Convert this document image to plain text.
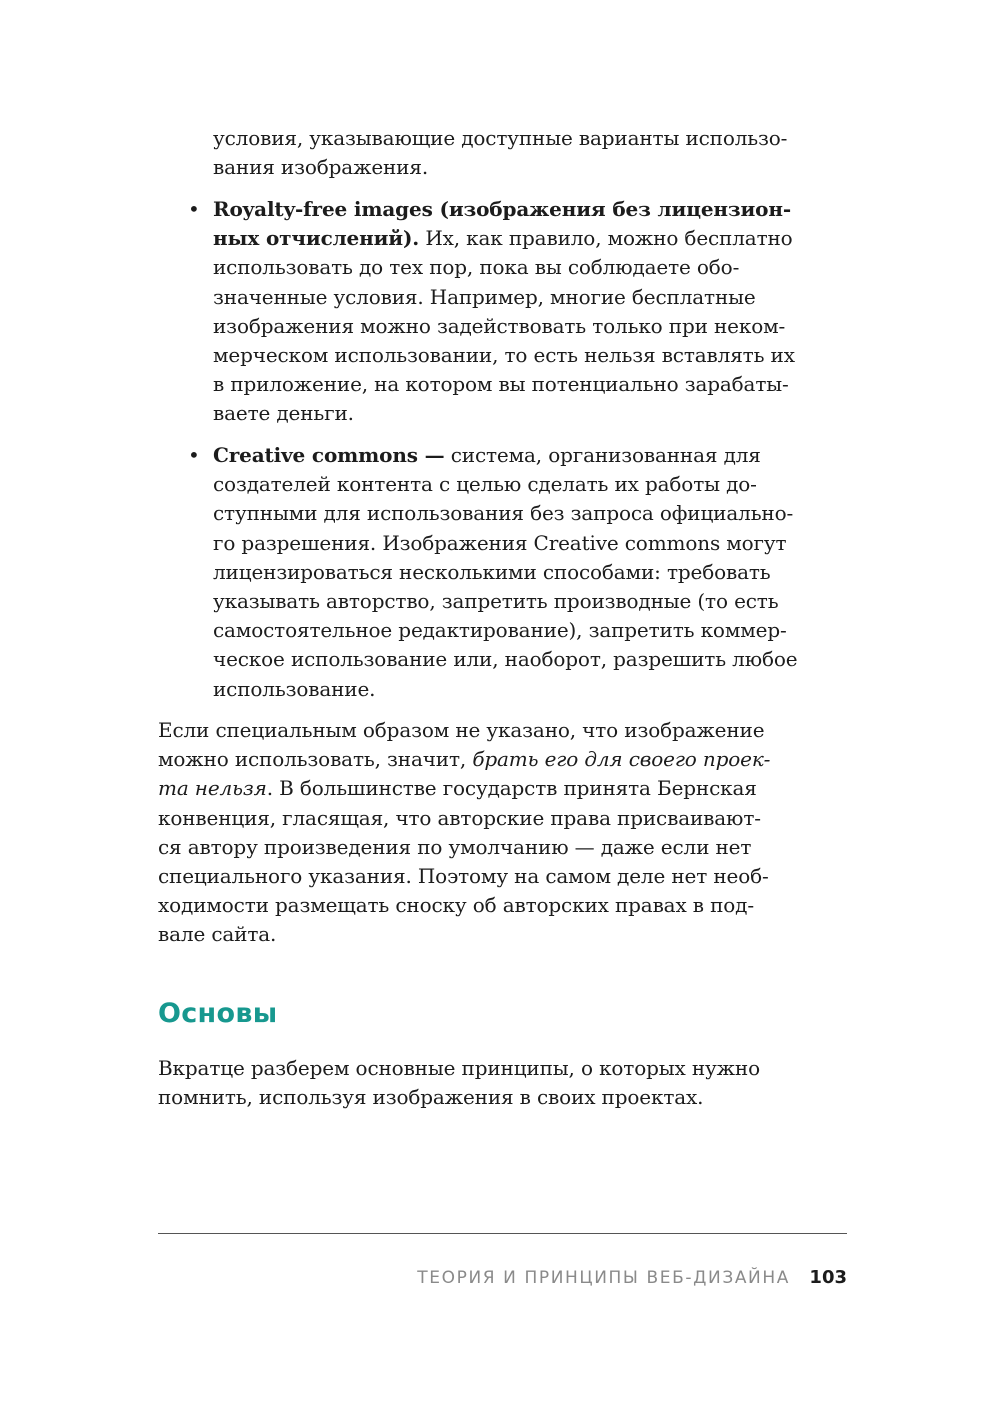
условия, указывающие доступные варианты использо-
вания изображения.
• Royalty-free images (изображения без лицензион-
ных отчислений). Их, как правило, можно бесплатно
использовать до тех пор, пока вы соблюдаете обо-
значенные условия. Например, многие бесплатные
изображения можно задействовать только при неком-
мерческом использовании, то есть нельзя вставлять их
в приложение, на котором вы потенциально зарабаты-
ваете деньги.
• Creative commons — система, организованная для
создателей контента с целью сделать их работы до-
ступными для использования без запроса официально-
го разрешения. Изображения Creative commons могут
лицензироваться несколькими способами: требовать
указывать авторство, запретить производные (то есть
самостоятельное редактирование), запретить коммер-
ческое использование или, наоборот, разрешить любое
использование.
Если специальным образом не указано, что изображение
можно использовать, значит, брать его для своего проек-
та нельзя. В большинстве государств принята Бернская
конвенция, гласящая, что авторские права присваивают-
ся автору произведения по умолчанию — даже если нет
специального указания. Поэтому на самом деле нет необ-
ходимости размещать сноску об авторских правах в под-
вале сайта.
Основы
Вкратце разберем основные принципы, о которых нужно
помнить, используя изображения в своих проектах.
ТЕОРИЯ И ПРИНЦИПЫ ВЕБ-ДИЗАЙНА 103
